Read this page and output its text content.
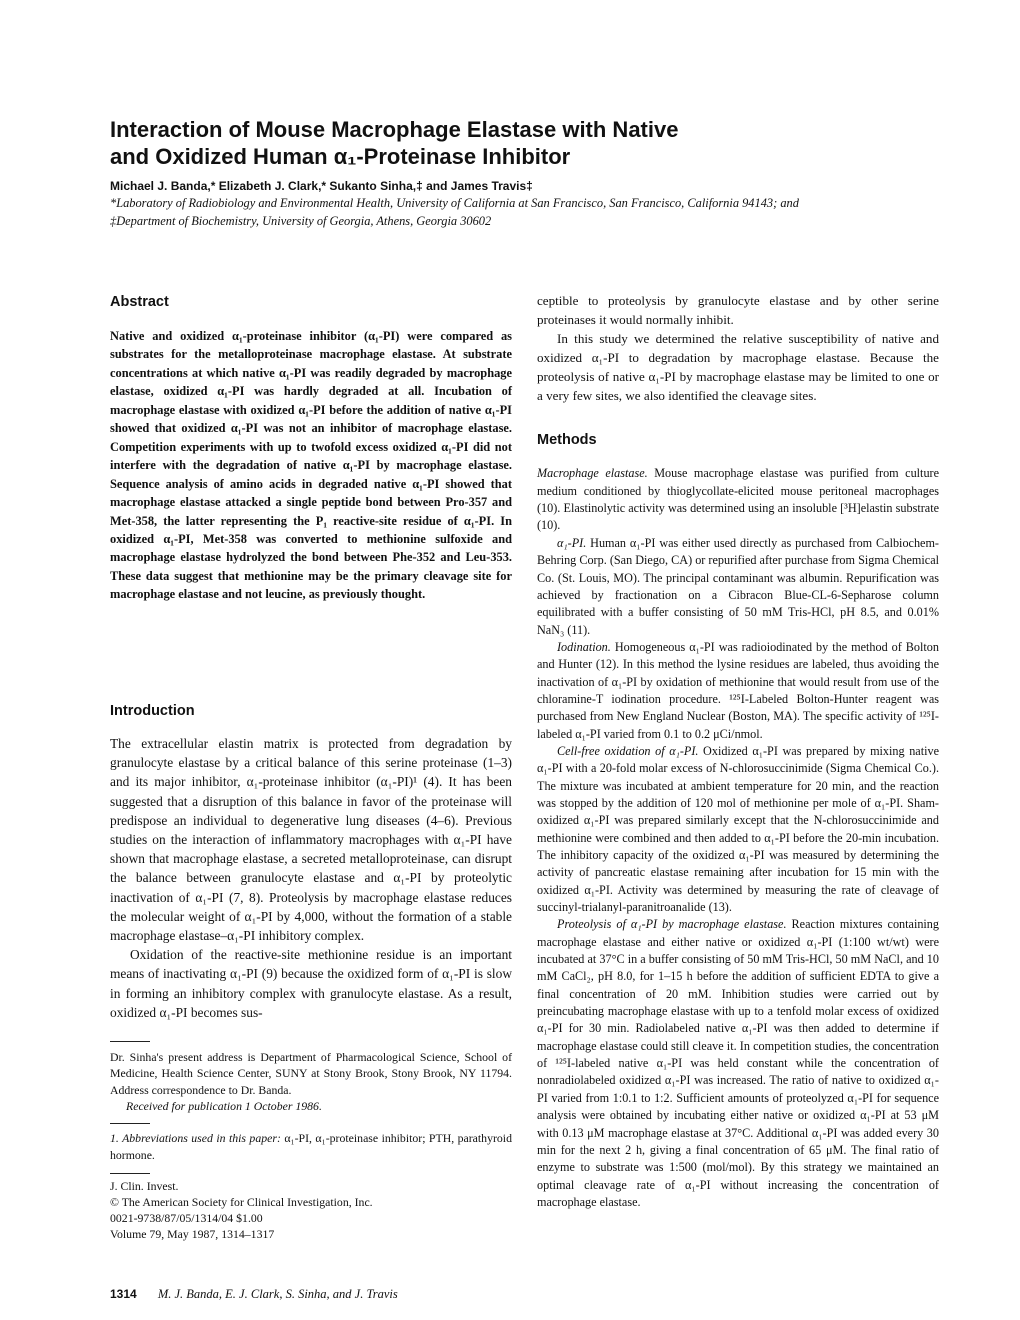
Interaction of Mouse Macrophage Elastase with Native
and Oxidized Human α₁-Proteinase Inhibitor

Michael J. Banda,* Elizabeth J. Clark,* Sukanto Sinha,‡ and James Travis‡

*Laboratory of Radiobiology and Environmental Health, University of California at San Francisco, San Francisco, California 94143; and
‡Department of Biochemistry, University of Georgia, Athens, Georgia 30602

Abstract

Native and oxidized α₁-proteinase inhibitor (α₁-PI) were compared as substrates for the metalloproteinase macrophage elastase. At substrate concentrations at which native α₁-PI was readily degraded by macrophage elastase, oxidized α₁-PI was hardly degraded at all. Incubation of macrophage elastase with oxidized α₁-PI before the addition of native α₁-PI showed that oxidized α₁-PI was not an inhibitor of macrophage elastase. Competition experiments with up to twofold excess oxidized α₁-PI did not interfere with the degradation of native α₁-PI by macrophage elastase. Sequence analysis of amino acids in degraded native α₁-PI showed that macrophage elastase attacked a single peptide bond between Pro-357 and Met-358, the latter representing the P₁ reactive-site residue of α₁-PI. In oxidized α₁-PI, Met-358 was converted to methionine sulfoxide and macrophage elastase hydrolyzed the bond between Phe-352 and Leu-353. These data suggest that methionine may be the primary cleavage site for macrophage elastase and not leucine, as previously thought.

Introduction

The extracellular elastin matrix is protected from degradation by granulocyte elastase by a critical balance of this serine proteinase (1–3) and its major inhibitor, α₁-proteinase inhibitor (α₁-PI)¹ (4). It has been suggested that a disruption of this balance in favor of the proteinase will predispose an individual to degenerative lung diseases (4–6). Previous studies on the interaction of inflammatory macrophages with α₁-PI have shown that macrophage elastase, a secreted metalloproteinase, can disrupt the balance between granulocyte elastase and α₁-PI by proteolytic inactivation of α₁-PI (7, 8). Proteolysis by macrophage elastase reduces the molecular weight of α₁-PI by 4,000, without the formation of a stable macrophage elastase–α₁-PI inhibitory complex.

Oxidation of the reactive-site methionine residue is an important means of inactivating α₁-PI (9) because the oxidized form of α₁-PI is slow in forming an inhibitory complex with granulocyte elastase. As a result, oxidized α₁-PI becomes sus-

Dr. Sinha's present address is Department of Pharmacological Science, School of Medicine, Health Science Center, SUNY at Stony Brook, Stony Brook, NY 11794. Address correspondence to Dr. Banda.

Received for publication 1 October 1986.

1. Abbreviations used in this paper: α₁-PI, α₁-proteinase inhibitor; PTH, parathyroid hormone.

J. Clin. Invest.

© The American Society for Clinical Investigation, Inc.

0021-9738/87/05/1314/04 $1.00

Volume 79, May 1987, 1314–1317

ceptible to proteolysis by granulocyte elastase and by other serine proteinases it would normally inhibit.

In this study we determined the relative susceptibility of native and oxidized α₁-PI to degradation by macrophage elastase. Because the proteolysis of native α₁-PI by macrophage elastase may be limited to one or a very few sites, we also identified the cleavage sites.

Methods

Macrophage elastase. Mouse macrophage elastase was purified from culture medium conditioned by thioglycollate-elicited mouse peritoneal macrophages (10). Elastinolytic activity was determined using an insoluble [³H]elastin substrate (10).

α₁-PI. Human α₁-PI was either used directly as purchased from Calbiochem-Behring Corp. (San Diego, CA) or repurified after purchase from Sigma Chemical Co. (St. Louis, MO). The principal contaminant was albumin. Repurification was achieved by fractionation on a Cibracon Blue-CL-6-Sepharose column equilibrated with a buffer consisting of 50 mM Tris-HCl, pH 8.5, and 0.01% NaN₃ (11).

Iodination. Homogeneous α₁-PI was radioiodinated by the method of Bolton and Hunter (12). In this method the lysine residues are labeled, thus avoiding the inactivation of α₁-PI by oxidation of methionine that would result from use of the chloramine-T iodination procedure. ¹²⁵I-Labeled Bolton-Hunter reagent was purchased from New England Nuclear (Boston, MA). The specific activity of ¹²⁵I-labeled α₁-PI varied from 0.1 to 0.2 μCi/nmol.

Cell-free oxidation of α₁-PI. Oxidized α₁-PI was prepared by mixing native α₁-PI with a 20-fold molar excess of N-chlorosuccinimide (Sigma Chemical Co.). The mixture was incubated at ambient temperature for 20 min, and the reaction was stopped by the addition of 120 mol of methionine per mole of α₁-PI. Sham-oxidized α₁-PI was prepared similarly except that the N-chlorosuccinimide and methionine were combined and then added to α₁-PI before the 20-min incubation. The inhibitory capacity of the oxidized α₁-PI was measured by determining the activity of pancreatic elastase remaining after incubation for 15 min with the oxidized α₁-PI. Activity was determined by measuring the rate of cleavage of succinyl-trialanyl-paranitroanalide (13).

Proteolysis of α₁-PI by macrophage elastase. Reaction mixtures containing macrophage elastase and either native or oxidized α₁-PI (1:100 wt/wt) were incubated at 37°C in a buffer consisting of 50 mM Tris-HCl, 50 mM NaCl, and 10 mM CaCl₂, pH 8.0, for 1–15 h before the addition of sufficient EDTA to give a final concentration of 20 mM. Inhibition studies were carried out by preincubating macrophage elastase with up to a tenfold molar excess of oxidized α₁-PI for 30 min. Radiolabeled native α₁-PI was then added to determine if macrophage elastase could still cleave it. In competition studies, the concentration of ¹²⁵I-labeled native α₁-PI was held constant while the concentration of nonradiolabeled oxidized α₁-PI was increased. The ratio of native to oxidized α₁-PI varied from 1:0.1 to 1:2. Sufficient amounts of proteolyzed α₁-PI for sequence analysis were obtained by incubating either native or oxidized α₁-PI at 53 μM with 0.13 μM macrophage elastase at 37°C. Additional α₁-PI was added every 30 min for the next 2 h, giving a final concentration of 65 μM. The final ratio of enzyme to substrate was 1:500 (mol/mol). By this strategy we maintained an optimal cleavage rate of α₁-PI without increasing the concentration of macrophage elastase.

1314 M. J. Banda, E. J. Clark, S. Sinha, and J. Travis
